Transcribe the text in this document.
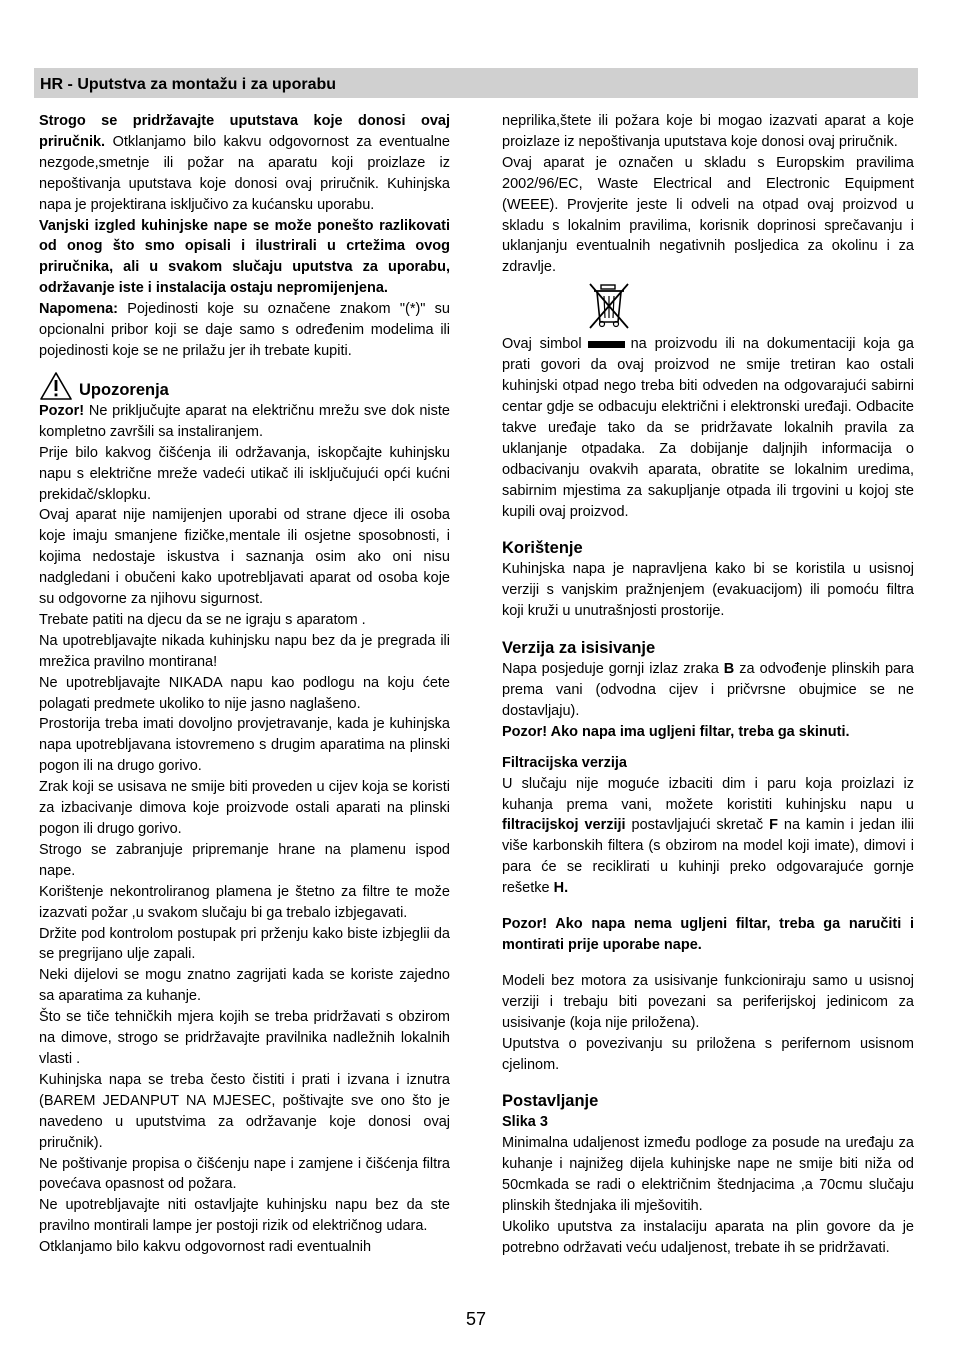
HR - Uputstva za montažu i za uporabu

Strogo se pridržavajte uputstava koje donosi ovaj priručnik. Otklanjamo bilo kakvu odgovornost za eventualne nezgode,smetnje ili požar na aparatu koji proizlaze iz nepoštivanja uputstava koje donosi ovaj priručnik. Kuhinjska napa je projektirana isključivo za kućansku uporabu.

Vanjski izgled kuhinjske nape se može ponešto razlikovati od onog što smo opisali i ilustrirali u crtežima ovog priručnika, ali u svakom slučaju uputstva za uporabu, održavanje iste i instalacija ostaju nepromijenjena.

Napomena: Pojedinosti koje su označene znakom "(*)" su opcionalni pribor koji se daje samo s određenim modelima ili pojedinosti koje se ne prilažu jer ih trebate kupiti.

Upozorenja

Pozor! Ne priključujte aparat na električnu mrežu sve dok niste kompletno završili sa instaliranjem.

Prije bilo kakvog čišćenja ili održavanja, iskopčajte kuhinjsku napu s električne mreže vadeći utikač ili isključujući opći kućni prekidač/sklopku.

Ovaj aparat nije namijenjen uporabi od strane djece ili osoba koje imaju smanjene fizičke,mentale ili osjetne sposobnosti, i kojima nedostaje iskustva i saznanja osim ako oni nisu nadgledani i obučeni kako upotrebljavati aparat od osoba koje su odgovorne za njihovu sigurnost.

Trebate patiti na djecu da se ne igraju s aparatom .

Na upotrebljavajte nikada kuhinjsku napu bez da je pregrada ili mrežica pravilno montirana!

Ne upotrebljavajte NIKADA napu kao podlogu na koju ćete polagati predmete ukoliko to nije jasno naglašeno.

Prostorija treba imati dovoljno provjetravanje, kada je kuhinjska napa upotrebljavana istovremeno s drugim aparatima na plinski pogon ili na drugo gorivo.

Zrak koji se usisava ne smije biti proveden u cijev koja se koristi za izbacivanje dimova koje proizvode ostali aparati na plinski pogon ili drugo gorivo.

Strogo se zabranjuje pripremanje hrane na plamenu ispod nape.

Korištenje nekontroliranog plamena je štetno za filtre te može izazvati požar ,u svakom slučaju bi ga trebalo izbjegavati.

Držite pod kontrolom postupak pri prženju kako biste izbjeglii da se pregrijano ulje zapali.

Neki dijelovi se mogu znatno zagrijati kada se koriste zajedno sa aparatima za kuhanje.

Što se tiče tehničkih mjera kojih se treba pridržavati s obzirom na dimove, strogo se pridržavajte pravilnika nadležnih lokalnih vlasti .

Kuhinjska napa se treba često čistiti i prati i izvana i iznutra (BAREM JEDANPUT NA MJESEC, poštivajte sve ono što je navedeno u uputstvima za održavanje koje donosi ovaj priručnik).

Ne poštivanje propisa o čišćenju nape i zamjene i čišćenja filtra povećava opasnost od požara.

Ne upotrebljavajte niti ostavljajte kuhinjsku napu bez da ste pravilno montirali lampe jer postoji rizik od električnog udara.

Otklanjamo bilo kakvu odgovornost radi eventualnih

neprilika,štete ili požara koje bi mogao izazvati aparat a koje proizlaze iz nepoštivanja uputstava koje donosi ovaj priručnik.

Ovaj aparat je označen u skladu s Europskim pravilima 2002/96/EC, Waste Electrical and Electronic Equipment (WEEE). Provjerite jeste li odveli na otpad ovaj proizvod u skladu s lokalnim pravilima, korisnik doprinosi sprečavanju i uklanjanju eventualnih negativnih posljedica za okolinu i za zdravlje.

Ovaj simbol	na proizvodu ili na dokumentaciji koja ga prati govori da ovaj proizvod ne smije tretiran kao ostali kuhinjski otpad nego treba biti odveden na odgovarajući sabirni centar gdje se odbacuju električni i elektronski uređaji. Odbacite takve uređaje tako da se pridržavate lokalnih pravila za uklanjanje otpadaka. Za dobijanje daljnjih informacija o odbacivanju ovakvih aparata, obratite se lokalnim uredima, sabirnim mjestima za sakupljanje otpada ili trgovini u kojoj ste kupili ovaj proizvod.

Korištenje

Kuhinjska napa je napravljena kako bi se koristila u usisnoj verziji s vanjskim pražnjenjem (evakuacijom) ili pomoću filtra koji kruži u unutrašnjosti prostorije.

Verzija za isisivanje

Napa posjeduje gornji izlaz zraka B za odvođenje plinskih para prema vani (odvodna cijev i pričvrsne obujmice se ne dostavljaju).

Pozor! Ako napa ima ugljeni filtar, treba ga skinuti.

Filtracijska verzija

U slučaju nije moguće izbaciti dim i paru koja proizlazi iz kuhanja prema vani, možete koristiti kuhinjsku napu u filtracijskoj verziji postavljajući skretač F na kamin i jedan ilii više karbonskih filtera (s obzirom na model koji imate), dimovi i para će se reciklirati u kuhinji preko odgovarajuće gornje rešetke H.

Pozor! Ako napa nema ugljeni filtar, treba ga naručiti i montirati prije uporabe nape.

Modeli bez motora za usisivanje funkcioniraju samo u usisnoj verziji i trebaju biti povezani sa periferijskoj jedinicom za usisivanje (koja nije priložena).

Uputstva o povezivanju su priložena s perifernom usisnom cjelinom.

Postavljanje
Slika 3

Minimalna udaljenost između podloge za posude na uređaju za kuhanje i najnižeg dijela kuhinjske nape ne smije biti niža od 50cmkada se radi o električnim štednjacima ,a 70cmu slučaju plinskih štednjaka ili mješovitih.

Ukoliko uputstva za instalaciju aparata na plin govore da je potrebno održavati veću udaljenost, trebate ih se pridržavati.

57
